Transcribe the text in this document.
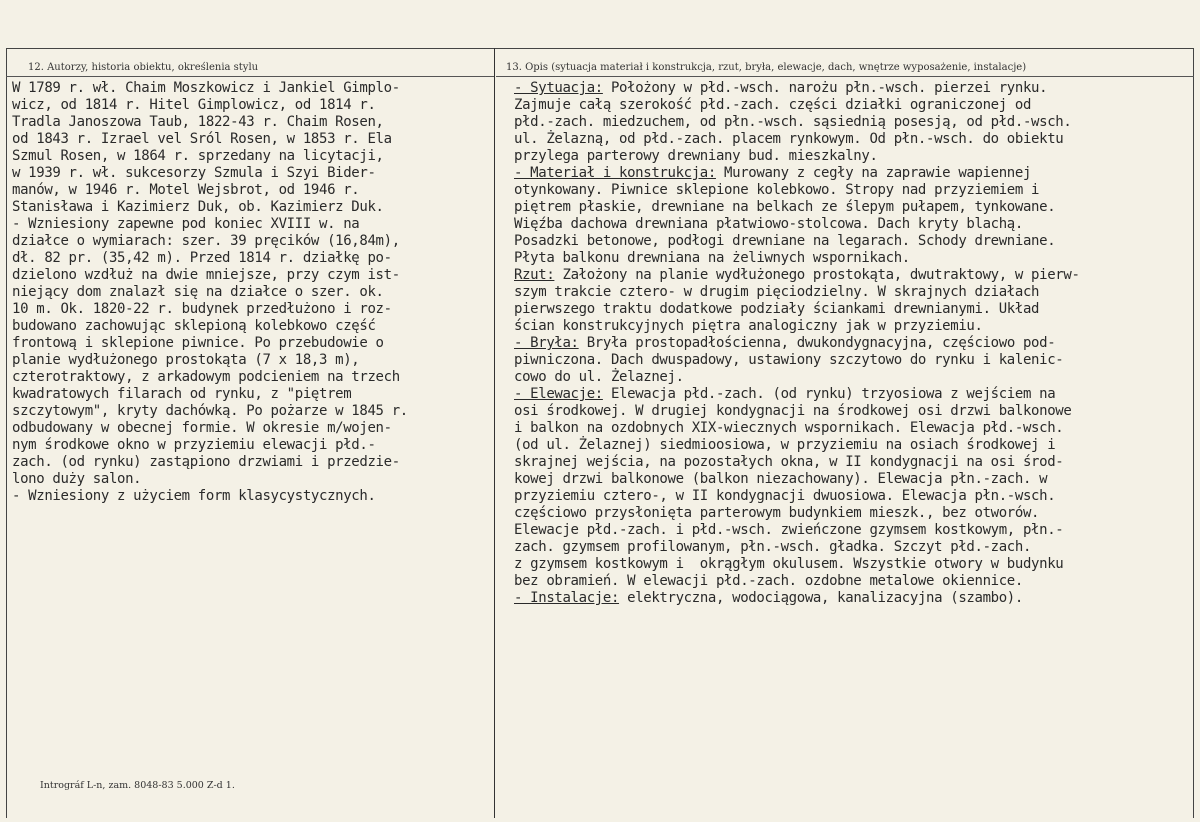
12. Autorzy, historia obiektu, określenia stylu	13. Opis (sytuacja materiał i konstrukcja, rzut, bryła, elewacje, dach, wnętrze wyposażenie, instalacje)
W 1789 r. wł. Chaim Moszkowicz i Jankiel Gimplo-
wicz, od 1814 r. Hitel Gimplowicz, od 1814 r.
Tradla Janoszowa Taub, 1822-43 r. Chaim Rosen,
od 1843 r. Izrael vel Sról Rosen, w 1853 r. Ela
Szmul Rosen, w 1864 r. sprzedany na licytacji,
w 1939 r. wł. sukcesorzy Szmula i Szyi Bider-
manów, w 1946 r. Motel Wejsbrot, od 1946 r.
Stanisława i Kazimierz Duk, ob. Kazimierz Duk.
- Wzniesiony zapewne pod koniec XVIII w. na
działce o wymiarach: szer. 39 pręcików (16,84m),
dł. 82 pr. (35,42 m). Przed 1814 r. działkę po-
dzielono wzdłuż na dwie mniejsze, przy czym ist-
niejący dom znalazł się na działce o szer. ok.
10 m. Ok. 1820-22 r. budynek przedłużono i roz-
budowano zachowując sklepioną kolebkowo część
frontową i sklepione piwnice. Po przebudowie o
planie wydłużonego prostokąta (7 x 18,3 m),
czterotraktowy, z arkadowym podcieniem na trzech
kwadratowych filarach od rynku, z "piętrem
szczytowym", kryty dachówką. Po pożarze w 1845 r.
odbudowany w obecnej formie. W okresie m/wojen-
nym środkowe okno w przyziemiu elewacji płd.-
zach. (od rynku) zastąpiono drzwiami i przedzie-
lono duży salon.
- Wzniesiony z użyciem form klasycystycznych.
- Sytuacja: Położony w płd.-wsch. narożu płn.-wsch. pierzei rynku.
Zajmuje całą szerokość płd.-zach. części działki ograniczonej od
płd.-zach. miedzuchem, od płn.-wsch. sąsiednią posesją, od płd.-wsch.
ul. Żelazną, od płd.-zach. placem rynkowym. Od płn.-wsch. do obiektu
przylega parterowy drewniany bud. mieszkalny.
- Materiał i konstrukcja: Murowany z cegły na zaprawie wapiennej
otynkowany. Piwnice sklepione kolebkowo. Stropy nad przyziemiem i
piętrem płaskie, drewniane na belkach ze ślepym pułapem, tynkowane.
Więźba dachowa drewniana płatwiowo-stolcowa. Dach kryty blachą.
Posadzki betonowe, podłogi drewniane na legarach. Schody drewniane.
Płyta balkonu drewniana na żeliwnych wspornikach.
Rzut: Założony na planie wydłużonego prostokąta, dwutraktowy, w pierw-
szym trakcie cztero- w drugim pięciodzielny. W skrajnych działach
pierwszego traktu dodatkowe podziały ściankami drewnianymi. Układ
ścian konstrukcyjnych piętra analogiczny jak w przyziemiu.
- Bryła: Bryła prostopadłościenna, dwukondygnacyjna, częściowo pod-
piwniczona. Dach dwuspadowy, ustawiony szczytowo do rynku i kalenic-
cowo do ul. Żelaznej.
- Elewacje: Elewacja płd.-zach. (od rynku) trzyosiowa z wejściem na
osi środkowej. W drugiej kondygnacji na środkowej osi drzwi balkonowe
i balkon na ozdobnych XIX-wiecznych wspornikach. Elewacja płd.-wsch.
(od ul. Żelaznej) siedmioosiowa, w przyziemiu na osiach środkowej i
skrajnej wejścia, na pozostałych okna, w II kondygnacji na osi środ-
kowej drzwi balkonowe (balkon niezachowany). Elewacja płn.-zach. w
przyziemiu cztero-, w II kondygnacji dwuosiowa. Elewacja płn.-wsch.
częściowo przysłonięta parterowym budynkiem mieszk., bez otworów.
Elewacje płd.-zach. i płd.-wsch. zwieńczone gzymsem kostkowym, płn.-
zach. gzymsem profilowanym, płn.-wsch. gładka. Szczyt płd.-zach.
z gzymsem kostkowym i  okrągłym okulusem. Wszystkie otwory w budynku
bez obramień. W elewacji płd.-zach. ozdobne metalowe okiennice.
- Instalacje: elektryczna, wodociągowa, kanalizacyjna (szambo).
Intrográf L-n, zam. 8048-83 5.000 Z-d 1.
